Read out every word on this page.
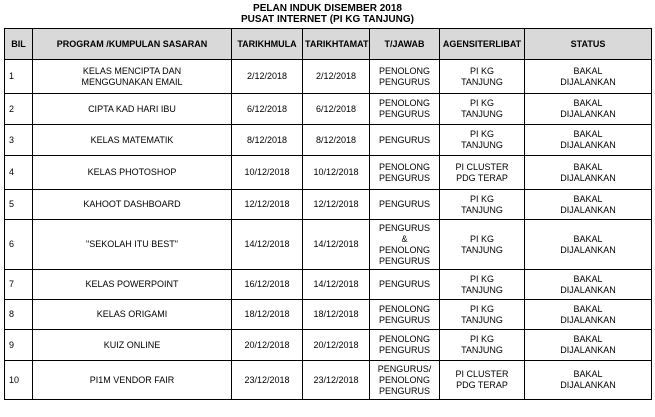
PELAN INDUK DISEMBER 2018
PUSAT INTERNET (PI KG TANJUNG)
BIL	PROGRAM /KUMPULAN SASARAN	TARIKHMULA	TARIKHTAMAT	T/JAWAB	AGENSITERLIBAT	STATUS

1	KELAS MENCIPTA DAN
MENGGUNAKAN EMAIL	2/12/2018	2/12/2018	PENOLONG
PENGURUS	PI KG
TANJUNG	BAKAL
DIJALANKAN

2	CIPTA KAD HARI IBU	6/12/2018	6/12/2018	PENOLONG
PENGURUS	PI KG
TANJUNG	BAKAL
DIJALANKAN

3	KELAS MATEMATIK	8/12/2018	8/12/2018	PENGURUS	PI KG
TANJUNG	BAKAL
DIJALANKAN

4	KELAS PHOTOSHOP	10/12/2018	10/12/2018	PENOLONG
PENGURUS	PI CLUSTER
PDG TERAP	BAKAL
DIJALANKAN

5	KAHOOT DASHBOARD	12/12/2018	12/12/2018	PENGURUS	PI KG
TANJUNG	BAKAL
DIJALANKAN

6	"SEKOLAH ITU BEST"	14/12/2018	14/12/2018	PENGURUS
&
PENOLONG
PENGURUS	PI KG
TANJUNG	BAKAL
DIJALANKAN

7	KELAS POWERPOINT	16/12/2018	14/12/2018	PENGURUS	PI KG
TANJUNG	BAKAL
DIJALANKAN

8	KELAS ORIGAMI	18/12/2018	18/12/2018	PENOLONG
PENGURUS	PI KG
TANJUNG	BAKAL
DIJALANKAN

9	KUIZ ONLINE	20/12/2018	20/12/2018	PENOLONG
PENGURUS	PI KG
TANJUNG	BAKAL
DIJALANKAN

10	PI1M VENDOR FAIR	23/12/2018	23/12/2018	PENGURUS/
PENOLONG
PENGURUS	PI CLUSTER
PDG TERAP	BAKAL
DIJALANKAN
